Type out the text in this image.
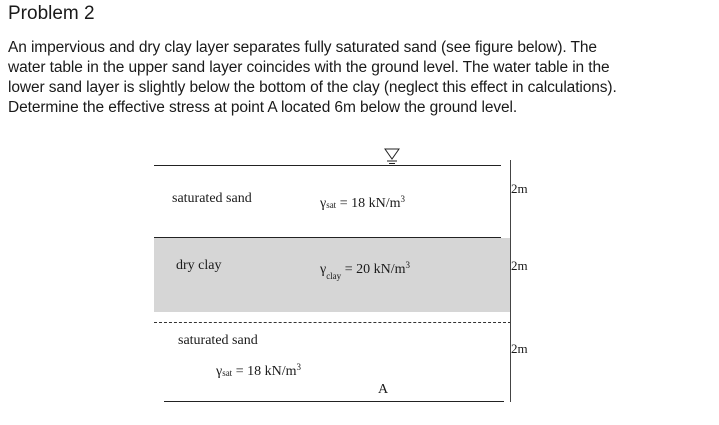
Problem 2

An impervious and dry clay layer separates fully saturated sand (see figure below). The
water table in the upper sand layer coincides with the ground level. The water table in the
lower sand layer is slightly below the bottom of the clay (neglect this effect in calculations).
Determine the effective stress at point A located 6m below the ground level.

saturated sand	γsat = 18 $kN/m^3$
2m
dry clay	$\gamma_{clay} = 20$ $kN/m^3$	2m
saturated sand
γsat = 18 $kN/m^3$
2m
A
